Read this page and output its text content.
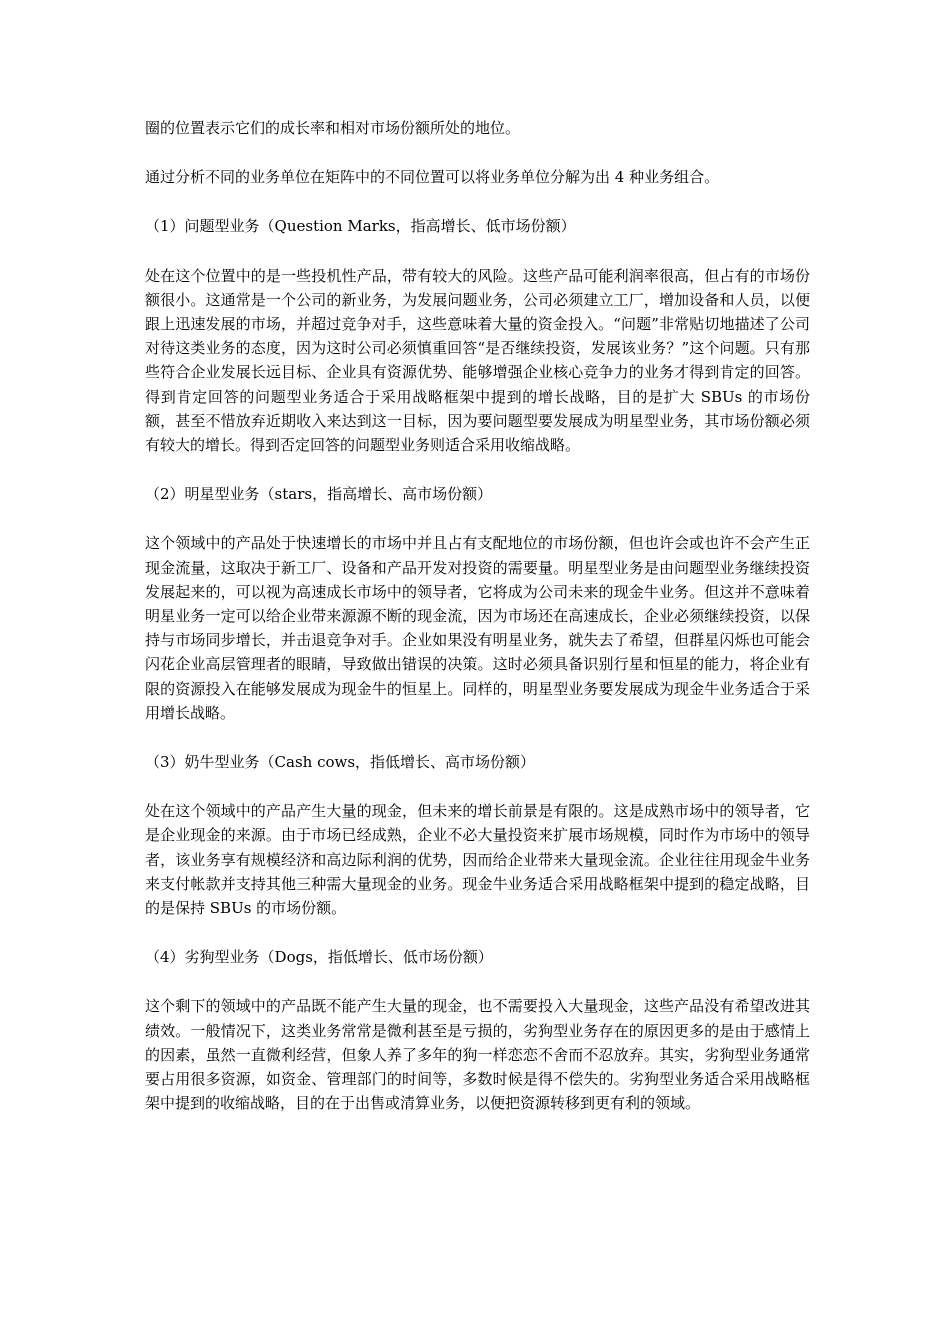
圈的位置表示它们的成长率和相对市场份额所处的地位。

通过分析不同的业务单位在矩阵中的不同位置可以将业务单位分解为出 4 种业务组合。

（1）问题型业务（Question Marks，指高增长、低市场份额）

处在这个位置中的是一些投机性产品，带有较大的风险。这些产品可能利润率很高，但占有的市场份额很小。这通常是一个公司的新业务，为发展问题业务，公司必须建立工厂，增加设备和人员，以便跟上迅速发展的市场，并超过竞争对手，这些意味着大量的资金投入。“问题”非常贴切地描述了公司对待这类业务的态度，因为这时公司必须慎重回答“是否继续投资，发展该业务？”这个问题。只有那些符合企业发展长远目标、企业具有资源优势、能够增强企业核心竞争力的业务才得到肯定的回答。得到肯定回答的问题型业务适合于采用战略框架中提到的增长战略，目的是扩大 SBUs 的市场份额，甚至不惜放弃近期收入来达到这一目标，因为要问题型要发展成为明星型业务，其市场份额必须有较大的增长。得到否定回答的问题型业务则适合采用收缩战略。

（2）明星型业务（stars，指高增长、高市场份额）

这个领域中的产品处于快速增长的市场中并且占有支配地位的市场份额，但也许会或也许不会产生正现金流量，这取决于新工厂、设备和产品开发对投资的需要量。明星型业务是由问题型业务继续投资发展起来的，可以视为高速成长市场中的领导者，它将成为公司未来的现金牛业务。但这并不意味着明星业务一定可以给企业带来源源不断的现金流，因为市场还在高速成长，企业必须继续投资，以保持与市场同步增长，并击退竞争对手。企业如果没有明星业务，就失去了希望，但群星闪烁也可能会闪花企业高层管理者的眼睛，导致做出错误的决策。这时必须具备识别行星和恒星的能力，将企业有限的资源投入在能够发展成为现金牛的恒星上。同样的，明星型业务要发展成为现金牛业务适合于采用增长战略。

（3）奶牛型业务（Cash cows，指低增长、高市场份额）

处在这个领域中的产品产生大量的现金，但未来的增长前景是有限的。这是成熟市场中的领导者，它是企业现金的来源。由于市场已经成熟，企业不必大量投资来扩展市场规模，同时作为市场中的领导者，该业务享有规模经济和高边际利润的优势，因而给企业带来大量现金流。企业往往用现金牛业务来支付帐款并支持其他三种需大量现金的业务。现金牛业务适合采用战略框架中提到的稳定战略，目的是保持 SBUs 的市场份额。

（4）劣狗型业务（Dogs，指低增长、低市场份额）

这个剩下的领域中的产品既不能产生大量的现金，也不需要投入大量现金，这些产品没有希望改进其绩效。一般情况下，这类业务常常是微利甚至是亏损的，劣狗型业务存在的原因更多的是由于感情上的因素，虽然一直微利经营，但象人养了多年的狗一样恋恋不舍而不忍放弃。其实，劣狗型业务通常要占用很多资源，如资金、管理部门的时间等，多数时候是得不偿失的。劣狗型业务适合采用战略框架中提到的收缩战略，目的在于出售或清算业务，以便把资源转移到更有利的领域。
